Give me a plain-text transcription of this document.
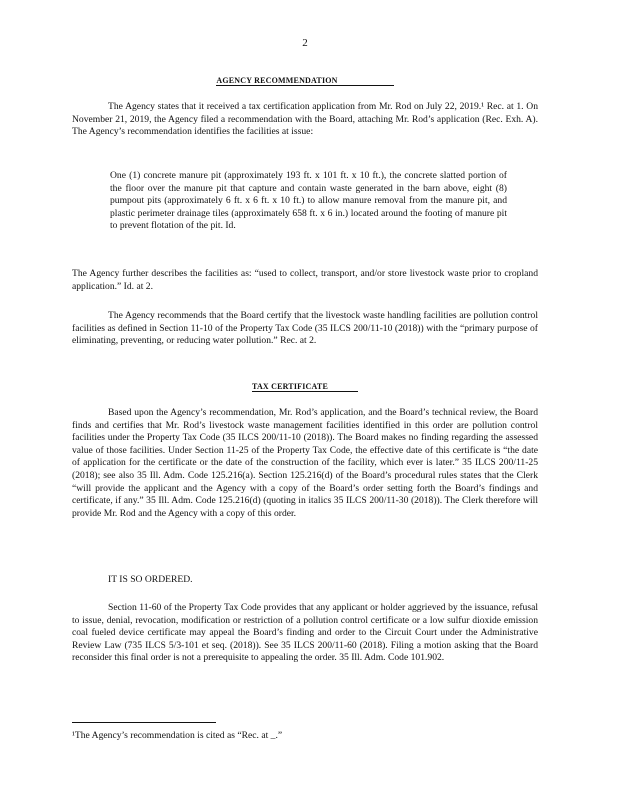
2
AGENCY RECOMMENDATION

The Agency states that it received a tax certification application from Mr. Rod on July 22, 2019.¹ Rec. at 1. On November 21, 2019, the Agency filed a recommendation with the Board, attaching Mr. Rod’s application (Rec. Exh. A). The Agency’s recommendation identifies the facilities at issue:

One (1) concrete manure pit (approximately 193 ft. x 101 ft. x 10 ft.), the concrete slatted portion of the floor over the manure pit that capture and contain waste generated in the barn above, eight (8) pumpout pits (approximately 6 ft. x 6 ft. x 10 ft.) to allow manure removal from the manure pit, and plastic perimeter drainage tiles (approximately 658 ft. x 6 in.) located around the footing of manure pit to prevent flotation of the pit. Id.

The Agency further describes the facilities as: “used to collect, transport, and/or store livestock waste prior to cropland application.” Id. at 2.

The Agency recommends that the Board certify that the livestock waste handling facilities are pollution control facilities as defined in Section 11-10 of the Property Tax Code (35 ILCS 200/11-10 (2018)) with the “primary purpose of eliminating, preventing, or reducing water pollution.” Rec. at 2.

TAX CERTIFICATE

Based upon the Agency’s recommendation, Mr. Rod’s application, and the Board’s technical review, the Board finds and certifies that Mr. Rod’s livestock waste management facilities identified in this order are pollution control facilities under the Property Tax Code (35 ILCS 200/11-10 (2018)). The Board makes no finding regarding the assessed value of those facilities. Under Section 11-25 of the Property Tax Code, the effective date of this certificate is “the date of application for the certificate or the date of the construction of the facility, which ever is later.” 35 ILCS 200/11-25 (2018); see also 35 Ill. Adm. Code 125.216(a). Section 125.216(d) of the Board’s procedural rules states that the Clerk “will provide the applicant and the Agency with a copy of the Board’s order setting forth the Board’s findings and certificate, if any.” 35 Ill. Adm. Code 125.216(d) (quoting in italics 35 ILCS 200/11-30 (2018)). The Clerk therefore will provide Mr. Rod and the Agency with a copy of this order.

IT IS SO ORDERED.

Section 11-60 of the Property Tax Code provides that any applicant or holder aggrieved by the issuance, refusal to issue, denial, revocation, modification or restriction of a pollution control certificate or a low sulfur dioxide emission coal fueled device certificate may appeal the Board’s finding and order to the Circuit Court under the Administrative Review Law (735 ILCS 5/3-101 et seq. (2018)). See 35 ILCS 200/11-60 (2018). Filing a motion asking that the Board reconsider this final order is not a prerequisite to appealing the order. 35 Ill. Adm. Code 101.902.

¹The Agency’s recommendation is cited as “Rec. at _.”
